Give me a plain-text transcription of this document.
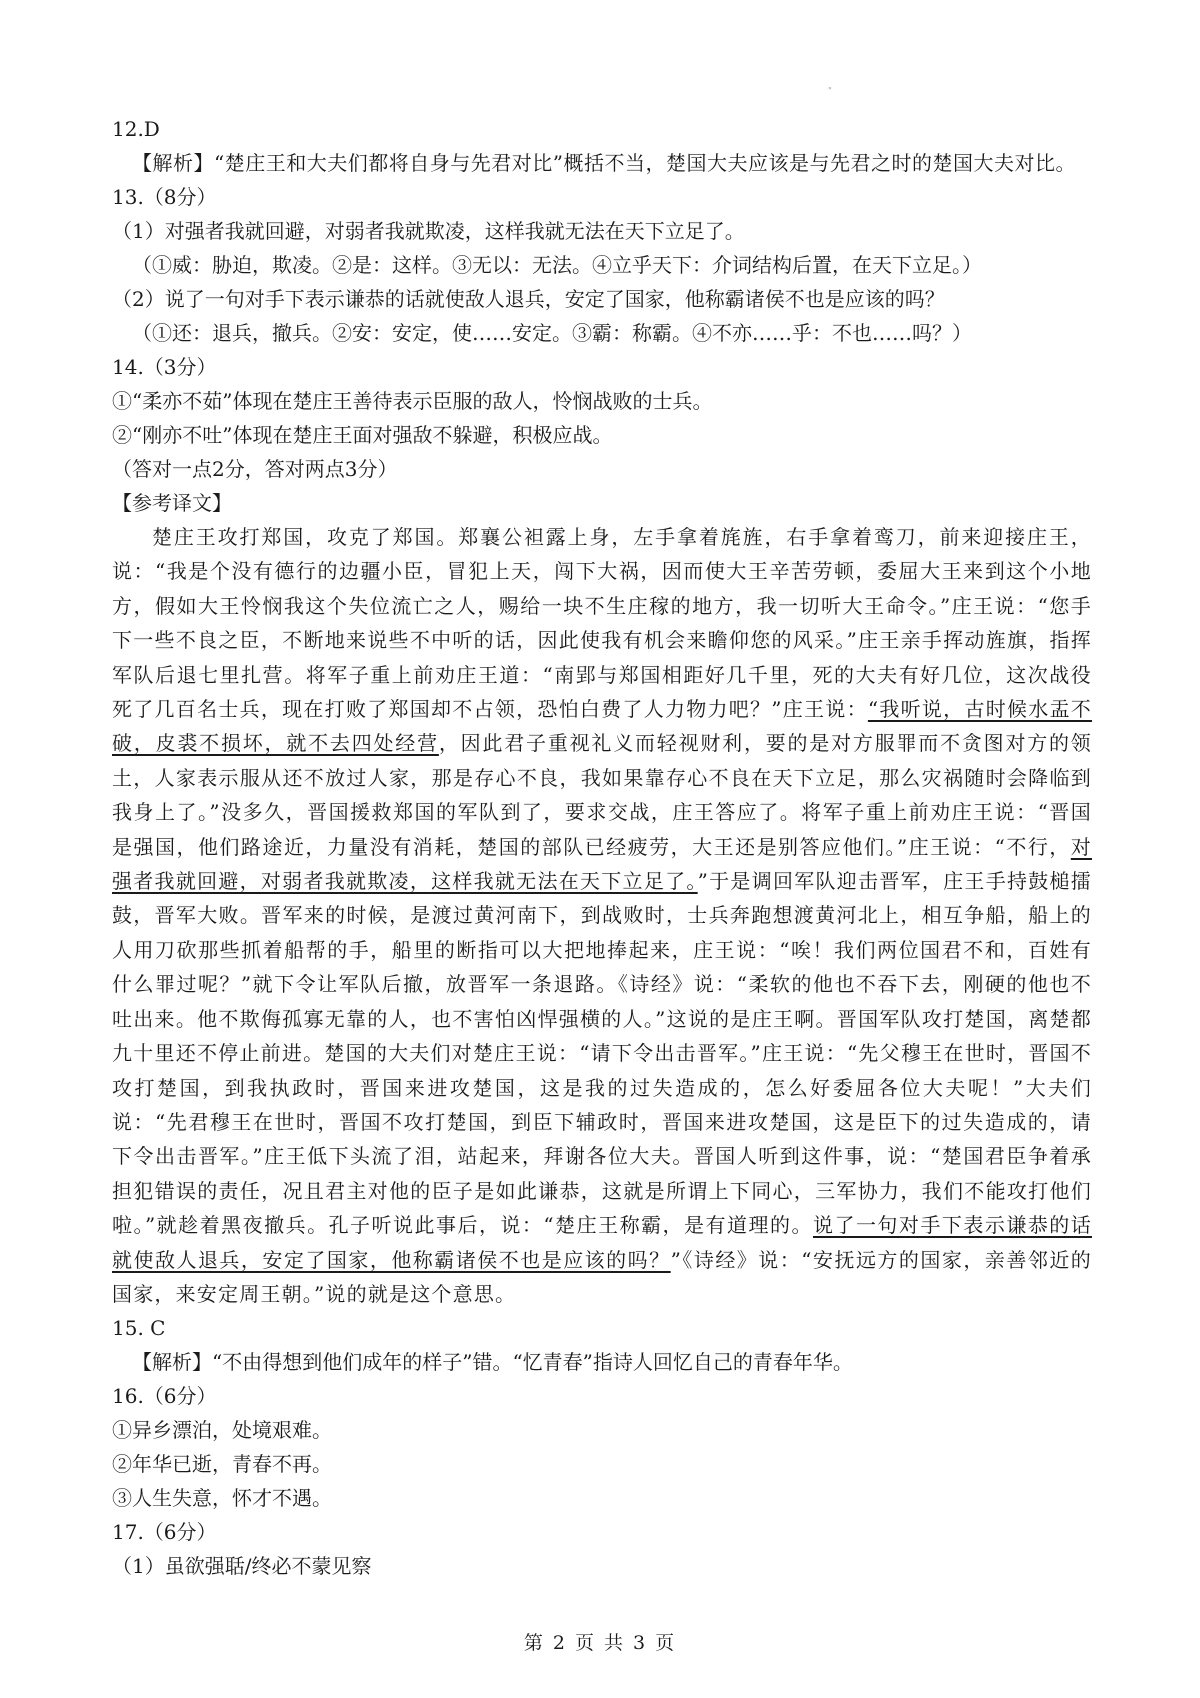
"
12.D
【解析】“楚庄王和大夫们都将自身与先君对比”概括不当，楚国大夫应该是与先君之时的楚国大夫对比。
13.（8分）
（1）对强者我就回避，对弱者我就欺凌，这样我就无法在天下立足了。
（①威：胁迫，欺凌。②是：这样。③无以：无法。④立乎天下：介词结构后置，在天下立足。）
（2）说了一句对手下表示谦恭的话就使敌人退兵，安定了国家，他称霸诸侯不也是应该的吗？
（①还：退兵，撤兵。②安：安定，使……安定。③霸：称霸。④不亦……乎：不也……吗？）
14.（3分）
①“柔亦不茹”体现在楚庄王善待表示臣服的敌人，怜悯战败的士兵。
②“刚亦不吐”体现在楚庄王面对强敌不躲避，积极应战。
（答对一点2分，答对两点3分）
【参考译文】
楚庄王攻打郑国，攻克了郑国。郑襄公袒露上身，左手拿着旄旌，右手拿着鸾刀，前来迎接庄王，说：“我是个没有德行的边疆小臣，冒犯上天，闯下大祸，因而使大王辛苦劳顿，委屈大王来到这个小地方，假如大王怜悯我这个失位流亡之人，赐给一块不生庄稼的地方，我一切听大王命令。”庄王说：“您手下一些不良之臣，不断地来说些不中听的话，因此使我有机会来瞻仰您的风采。”庄王亲手挥动旌旗，指挥军队后退七里扎营。将军子重上前劝庄王道：“南郢与郑国相距好几千里，死的大夫有好几位，这次战役死了几百名士兵，现在打败了郑国却不占领，恐怕白费了人力物力吧？”庄王说：“我听说，古时候水盂不破，皮裘不损坏，就不去四处经营，因此君子重视礼义而轻视财利，要的是对方服罪而不贪图对方的领土，人家表示服从还不放过人家，那是存心不良，我如果靠存心不良在天下立足，那么灾祸随时会降临到我身上了。”没多久，晋国援救郑国的军队到了，要求交战，庄王答应了。将军子重上前劝庄王说：“晋国是强国，他们路途近，力量没有消耗，楚国的部队已经疲劳，大王还是别答应他们。”庄王说：“不行，对强者我就回避，对弱者我就欺凌，这样我就无法在天下立足了。”于是调回军队迎击晋军，庄王手持鼓槌擂鼓，晋军大败。晋军来的时候，是渡过黄河南下，到战败时，士兵奔跑想渡黄河北上，相互争船，船上的人用刀砍那些抓着船帮的手，船里的断指可以大把地捧起来，庄王说：“唉！我们两位国君不和，百姓有什么罪过呢？”就下令让军队后撤，放晋军一条退路。《诗经》说：“柔软的他也不吞下去，刚硬的他也不吐出来。他不欺侮孤寡无靠的人，也不害怕凶悍强横的人。”这说的是庄王啊。晋国军队攻打楚国，离楚都九十里还不停止前进。楚国的大夫们对楚庄王说：“请下令出击晋军。”庄王说：“先父穆王在世时，晋国不攻打楚国，到我执政时，晋国来进攻楚国，这是我的过失造成的，怎么好委屈各位大夫呢！”大夫们说：“先君穆王在世时，晋国不攻打楚国，到臣下辅政时，晋国来进攻楚国，这是臣下的过失造成的，请下令出击晋军。”庄王低下头流了泪，站起来，拜谢各位大夫。晋国人听到这件事，说：“楚国君臣争着承担犯错误的责任，况且君主对他的臣子是如此谦恭，这就是所谓上下同心，三军协力，我们不能攻打他们啦。”就趁着黑夜撤兵。孔子听说此事后，说：“楚庄王称霸，是有道理的。说了一句对手下表示谦恭的话就使敌人退兵，安定了国家，他称霸诸侯不也是应该的吗？”《诗经》说：“安抚远方的国家，亲善邻近的国家，来安定周王朝。”说的就是这个意思。
15. C
【解析】“不由得想到他们成年的样子”错。“忆青春”指诗人回忆自己的青春年华。
16.（6分）
①异乡漂泊，处境艰难。
②年华已逝，青春不再。
③人生失意，怀才不遇。
17.（6分）
（1）虽欲强聒/终必不蒙见察
第 2 页 共 3 页
